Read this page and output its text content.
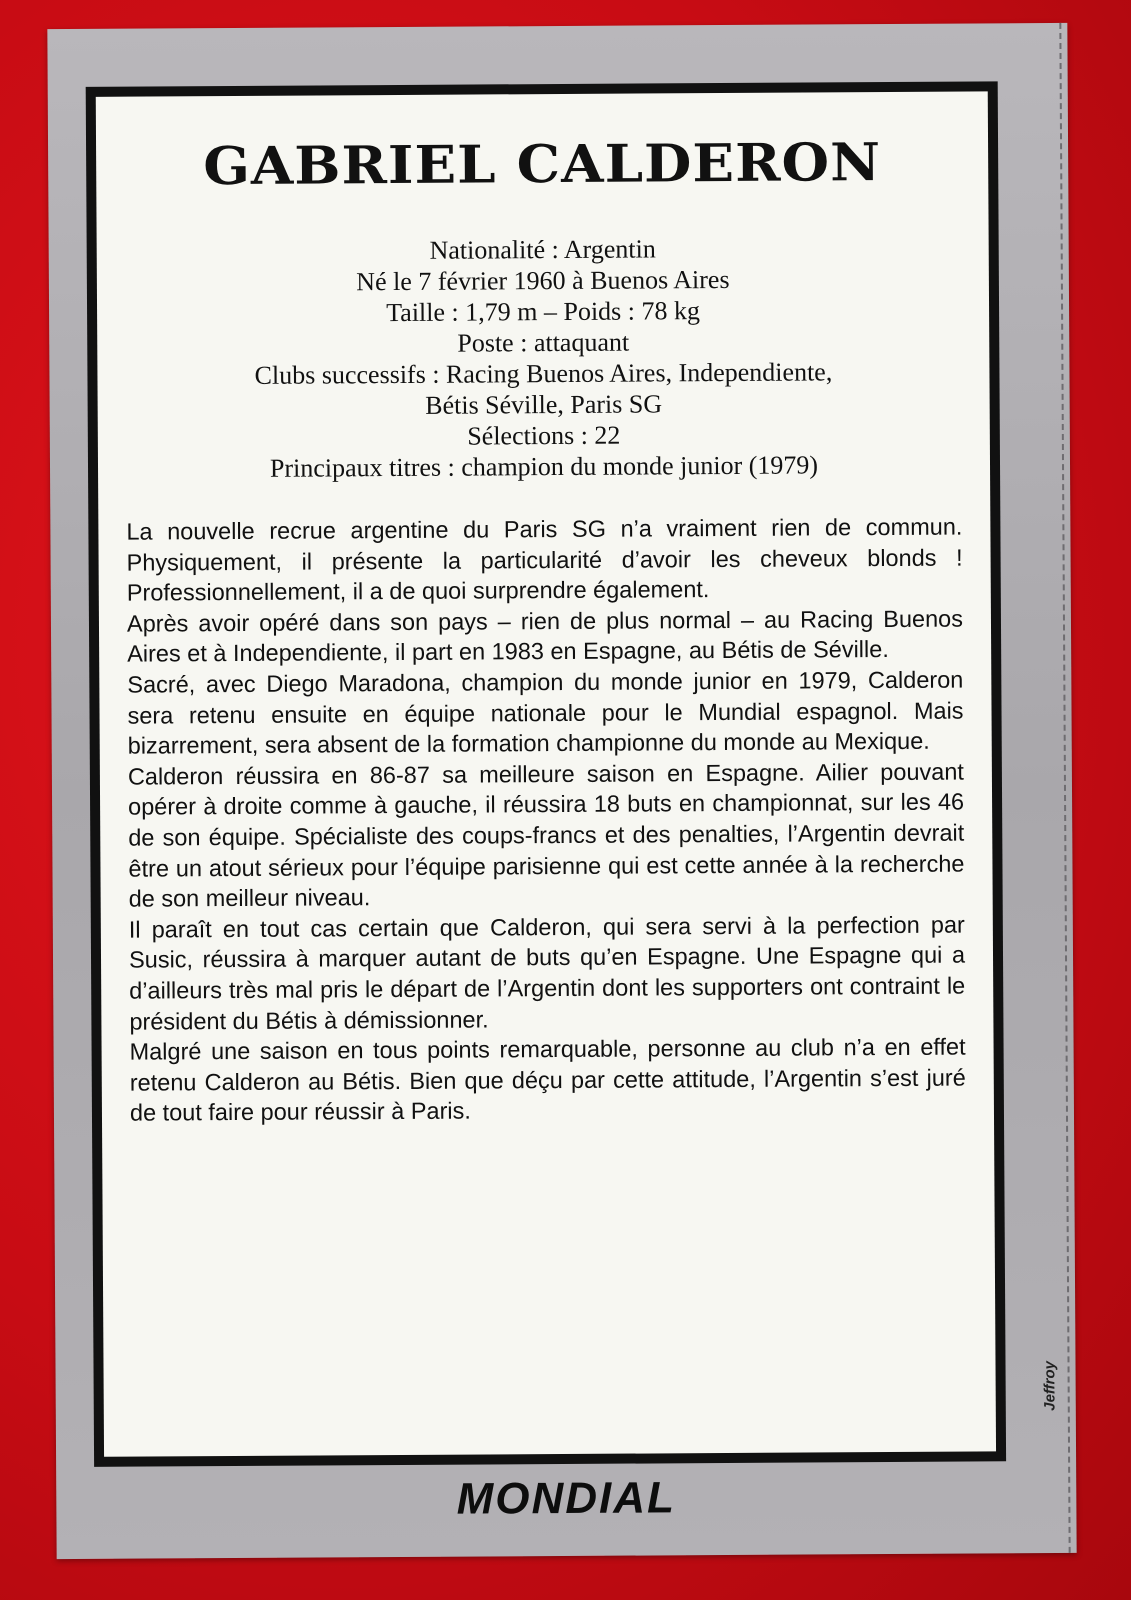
GABRIEL CALDERON
Nationalité : Argentin
Né le 7 février 1960 à Buenos Aires
Taille : 1,79 m – Poids : 78 kg
Poste : attaquant
Clubs successifs : Racing Buenos Aires, Independiente,
Bétis Séville, Paris SG
Sélections : 22
Principaux titres : champion du monde junior (1979)

La nouvelle recrue argentine du Paris SG n’a vraiment rien de commun. Physiquement, il présente la particularité d’avoir les cheveux blonds ! Professionnellement, il a de quoi surprendre également.

Après avoir opéré dans son pays – rien de plus normal – au Racing Buenos Aires et à Independiente, il part en 1983 en Espagne, au Bétis de Séville.

Sacré, avec Diego Maradona, champion du monde junior en 1979, Calderon sera retenu ensuite en équipe nationale pour le Mundial espagnol. Mais bizarrement, sera absent de la formation championne du monde au Mexique.

Calderon réussira en 86-87 sa meilleure saison en Espagne. Ailier pouvant opérer à droite comme à gauche, il réussira 18 buts en championnat, sur les 46 de son équipe. Spécialiste des coups-francs et des penalties, l’Argentin devrait être un atout sérieux pour l’équipe parisienne qui est cette année à la recherche de son meilleur niveau.

Il paraît en tout cas certain que Calderon, qui sera servi à la perfection par Susic, réussira à marquer autant de buts qu’en Espagne. Une Espagne qui a d’ailleurs très mal pris le départ de l’Argentin dont les supporters ont contraint le président du Bétis à démissionner.

Malgré une saison en tous points remarquable, personne au club n’a en effet retenu Calderon au Bétis. Bien que déçu par cette attitude, l’Argentin s’est juré de tout faire pour réussir à Paris.

Jeffroy
MONDIAL
